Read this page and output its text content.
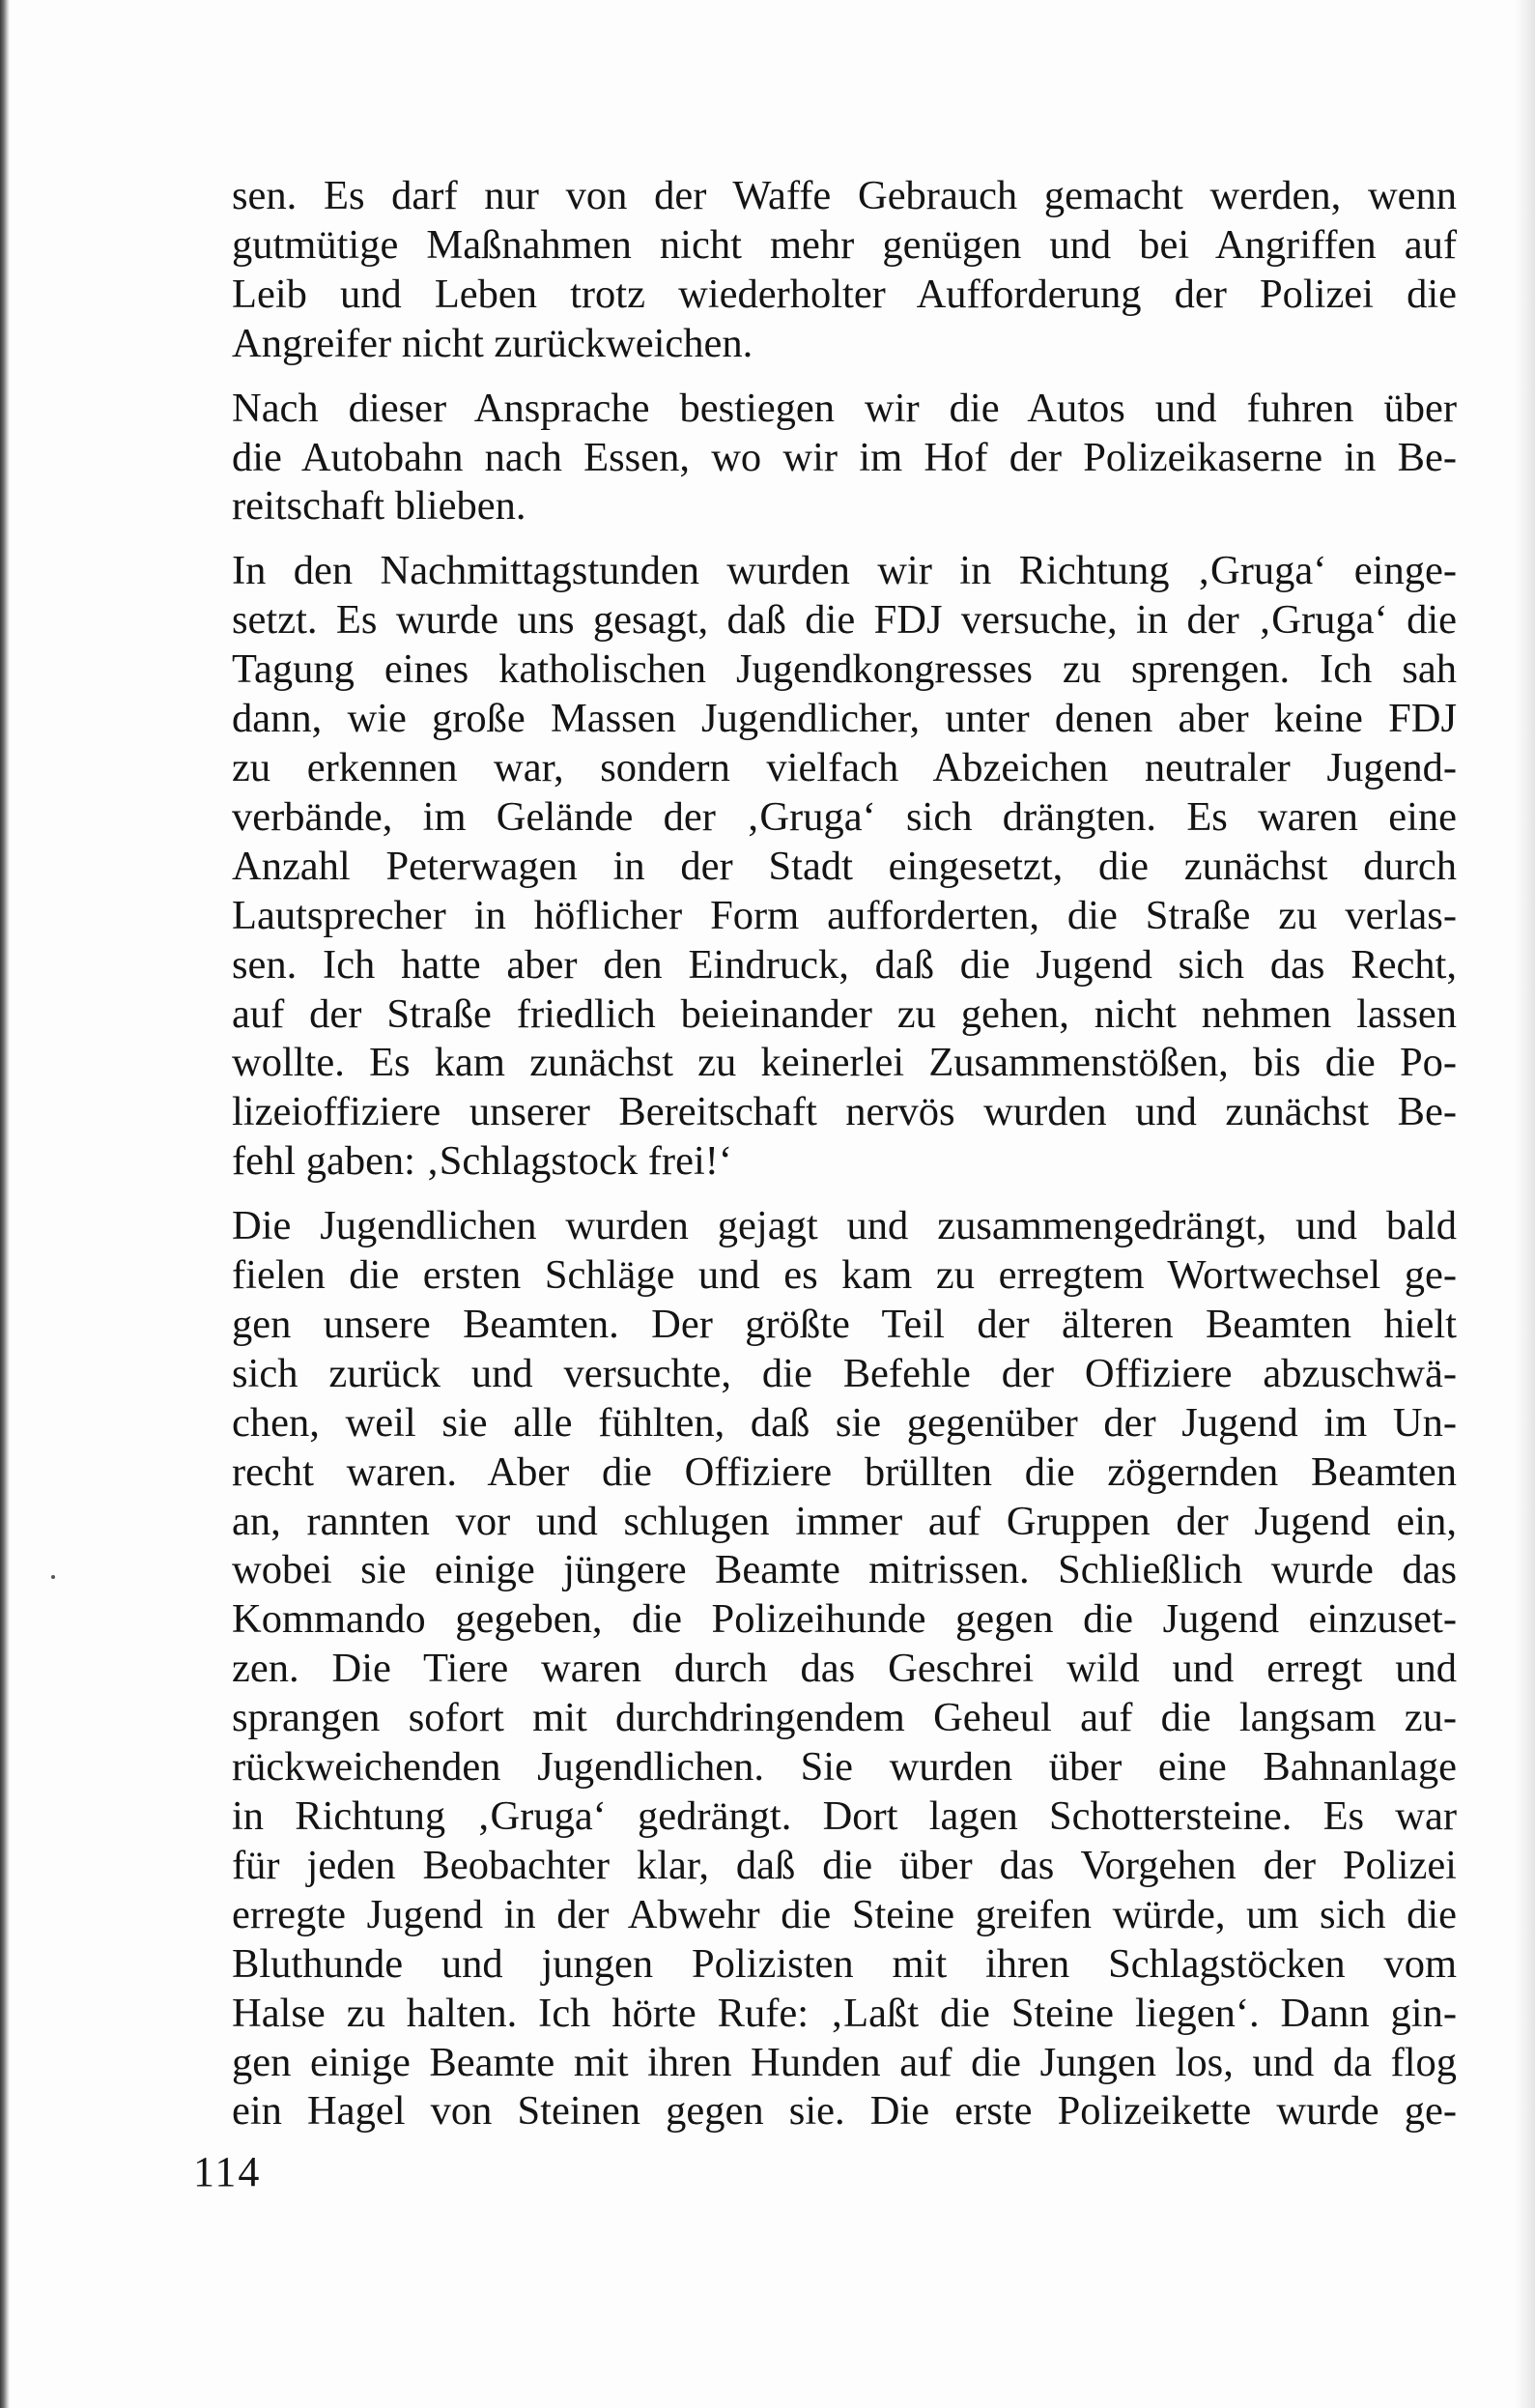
sen. Es darf nur von der Waffe Gebrauch gemacht werden, wenn
gutmütige Maßnahmen nicht mehr genügen und bei Angriffen auf
Leib und Leben trotz wiederholter Aufforderung der Polizei die
Angreifer nicht zurückweichen.

Nach dieser Ansprache bestiegen wir die Autos und fuhren über
die Autobahn nach Essen, wo wir im Hof der Polizeikaserne in Be-
reitschaft blieben.

In den Nachmittagstunden wurden wir in Richtung ‚Gruga‘ einge-
setzt. Es wurde uns gesagt, daß die FDJ versuche, in der ‚Gruga‘ die
Tagung eines katholischen Jugendkongresses zu sprengen. Ich sah
dann, wie große Massen Jugendlicher, unter denen aber keine FDJ
zu erkennen war, sondern vielfach Abzeichen neutraler Jugend-
verbände, im Gelände der ‚Gruga‘ sich drängten. Es waren eine
Anzahl Peterwagen in der Stadt eingesetzt, die zunächst durch
Lautsprecher in höflicher Form aufforderten, die Straße zu verlas-
sen. Ich hatte aber den Eindruck, daß die Jugend sich das Recht,
auf der Straße friedlich beieinander zu gehen, nicht nehmen lassen
wollte. Es kam zunächst zu keinerlei Zusammenstößen, bis die Po-
lizeioffiziere unserer Bereitschaft nervös wurden und zunächst Be-
fehl gaben: ‚Schlagstock frei!‘

Die Jugendlichen wurden gejagt und zusammengedrängt, und bald
fielen die ersten Schläge und es kam zu erregtem Wortwechsel ge-
gen unsere Beamten. Der größte Teil der älteren Beamten hielt
sich zurück und versuchte, die Befehle der Offiziere abzuschwä-
chen, weil sie alle fühlten, daß sie gegenüber der Jugend im Un-
recht waren. Aber die Offiziere brüllten die zögernden Beamten
an, rannten vor und schlugen immer auf Gruppen der Jugend ein,
wobei sie einige jüngere Beamte mitrissen. Schließlich wurde das
Kommando gegeben, die Polizeihunde gegen die Jugend einzuset-
zen. Die Tiere waren durch das Geschrei wild und erregt und
sprangen sofort mit durchdringendem Geheul auf die langsam zu-
rückweichenden Jugendlichen. Sie wurden über eine Bahnanlage
in Richtung ‚Gruga‘ gedrängt. Dort lagen Schottersteine. Es war
für jeden Beobachter klar, daß die über das Vorgehen der Polizei
erregte Jugend in der Abwehr die Steine greifen würde, um sich die
Bluthunde und jungen Polizisten mit ihren Schlagstöcken vom
Halse zu halten. Ich hörte Rufe: ‚Laßt die Steine liegen‘. Dann gin-
gen einige Beamte mit ihren Hunden auf die Jungen los, und da flog
ein Hagel von Steinen gegen sie. Die erste Polizeikette wurde ge-

114
